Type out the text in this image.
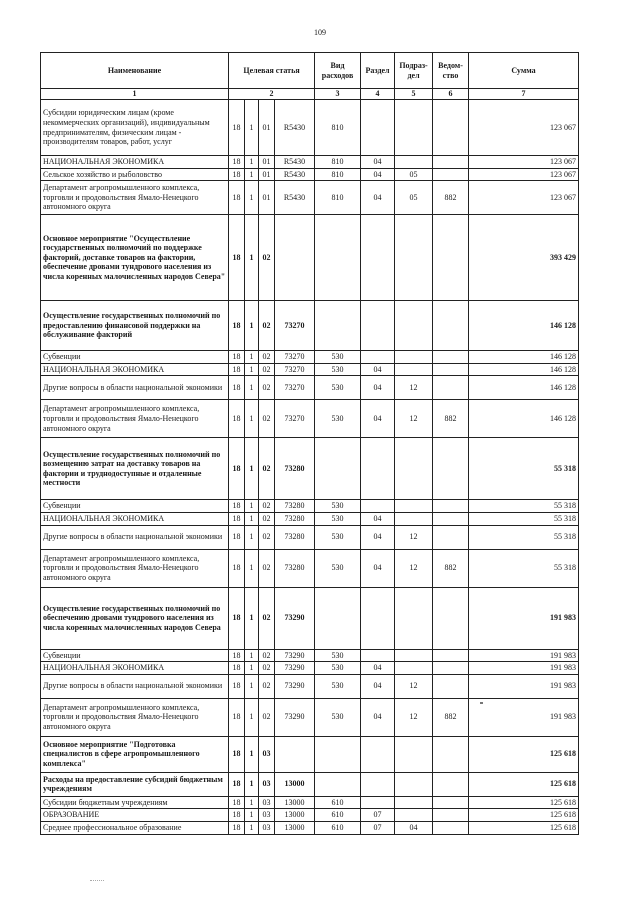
109
Наименование	Целевая статья				Вид расходов	Раздел	Подраз-дел	Ведом-ство	Сумма
1	2				3	4	5	6	7
Субсидии юридическим лицам (кроме некоммерческих организаций), индивидуальным предпринимателям, физическим лицам - производителям товаров, работ, услуг	18	1	01	R5430	810				123 067
НАЦИОНАЛЬНАЯ ЭКОНОМИКА	18	1	01	R5430	810	04			123 067
Сельское хозяйство и рыболовство	18	1	01	R5430	810	04	05		123 067
Департамент агропромышленного комплекса, торговли и продовольствия Ямало-Ненецкого автономного округа	18	1	01	R5430	810	04	05	882	123 067
Основное мероприятие "Осуществление государственных полномочий по поддержке факторий, доставке товаров на фактории, обеспечение дровами тундрового населения из числа коренных малочисленных народов Севера"	18	1	02						393 429
Осуществление государственных полномочий по предоставлению финансовой поддержки на обслуживание факторий	18	1	02	73270					146 128
Субвенции	18	1	02	73270	530				146 128
НАЦИОНАЛЬНАЯ ЭКОНОМИКА	18	1	02	73270	530	04			146 128
Другие вопросы в области национальной экономики	18	1	02	73270	530	04	12		146 128
Департамент агропромышленного комплекса, торговли и продовольствия Ямало-Ненецкого автономного округа	18	1	02	73270	530	04	12	882	146 128
Осуществление государственных полномочий по возмещению затрат на доставку товаров на фактории и труднодоступные и отдаленные местности	18	1	02	73280					55 318
Субвенции	18	1	02	73280	530				55 318
НАЦИОНАЛЬНАЯ ЭКОНОМИКА	18	1	02	73280	530	04			55 318
Другие вопросы в области национальной экономики	18	1	02	73280	530	04	12		55 318
Департамент агропромышленного комплекса, торговли и продовольствия Ямало-Ненецкого автономного округа	18	1	02	73280	530	04	12	882	55 318
Осуществление государственных полномочий по обеспечению дровами тундрового населения из числа коренных малочисленных народов Севера	18	1	02	73290					191 983
Субвенции	18	1	02	73290	530				191 983
НАЦИОНАЛЬНАЯ ЭКОНОМИКА	18	1	02	73290	530	04			191 983
Другие вопросы в области национальной экономики	18	1	02	73290	530	04	12		191 983
Департамент агропромышленного комплекса, торговли и продовольствия Ямало-Ненецкого автономного округа	18	1	02	73290	530	04	12	882	191 983
Основное мероприятие "Подготовка специалистов в сфере агропромышленного комплекса"	18	1	03						125 618
Расходы на предоставление субсидий бюджетным учреждениям	18	1	03	13000					125 618
Субсидии бюджетным учреждениям	18	1	03	13000	610				125 618
ОБРАЗОВАНИЕ	18	1	03	13000	610	07			125 618
Среднее профессиональное образование	18	1	03	13000	610	07	04		125 618
